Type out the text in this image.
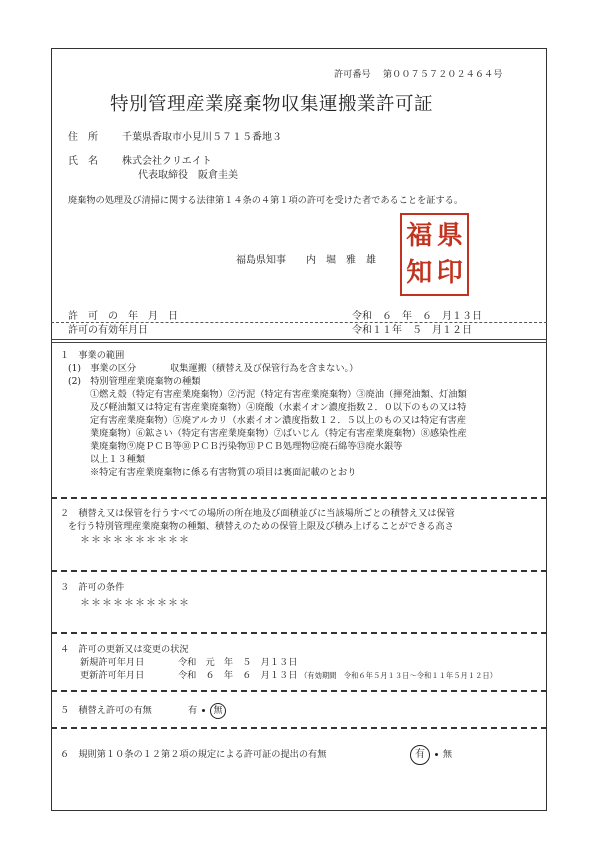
許可番号 第００７５７２０２４６４号
特別管理産業廃棄物収集運搬業許可証
住　所 千葉県香取市小見川５７１５番地３
氏　名 株式会社クリエイト
代表取締役　阪倉圭美
廃棄物の処理及び清掃に関する法律第１４条の４第１項の許可を受けた者であることを証する。
福島県知事　　内　堀　雅　雄
福 県
知 印
許　可　の　年　月　日	令和　６　年　６　月１３日
許可の有効年月日	令和１１年　５　月１２日
１　事業の範囲
(1)　事業の区分	収集運搬（積替え及び保管行為を含まない。）
(2)　特別管理産業廃棄物の種類
①燃え殻（特定有害産業廃棄物）②汚泥（特定有害産業廃棄物）③廃油（揮発油類、灯油類
及び軽油類又は特定有害産業廃棄物）④廃酸（水素イオン濃度指数２．０以下のもの又は特
定有害産業廃棄物）⑤廃アルカリ（水素イオン濃度指数１２．５以上のもの又は特定有害産
業廃棄物）⑥鉱さい（特定有害産業廃棄物）⑦ばいじん（特定有害産業廃棄物）⑧感染性産
業廃棄物⑨廃ＰＣＢ等⑩ＰＣＢ汚染物⑪ＰＣＢ処理物⑫廃石綿等⑬廃水銀等
以上１３種類
※特定有害産業廃棄物に係る有害物質の項目は裏面記載のとおり
２　積替え又は保管を行うすべての場所の所在地及び面積並びに当該場所ごとの積替え又は保管
を行う特別管理産業廃棄物の種類、積替えのための保管上限及び積み上げることができる高さ
＊＊＊＊＊＊＊＊＊＊
３　許可の条件
＊＊＊＊＊＊＊＊＊＊
４　許可の更新又は変更の状況
新規許可年月日	令和　元　年　５　月１３日
更新許可年月日	令和　６　年　６　月１３日 （有効期間　令和６年５月１３日～令和１１年５月１２日）
５　積替え許可の有無	有 無
６　規則第１０条の１２第２項の規定による許可証の提出の有無	有 無
